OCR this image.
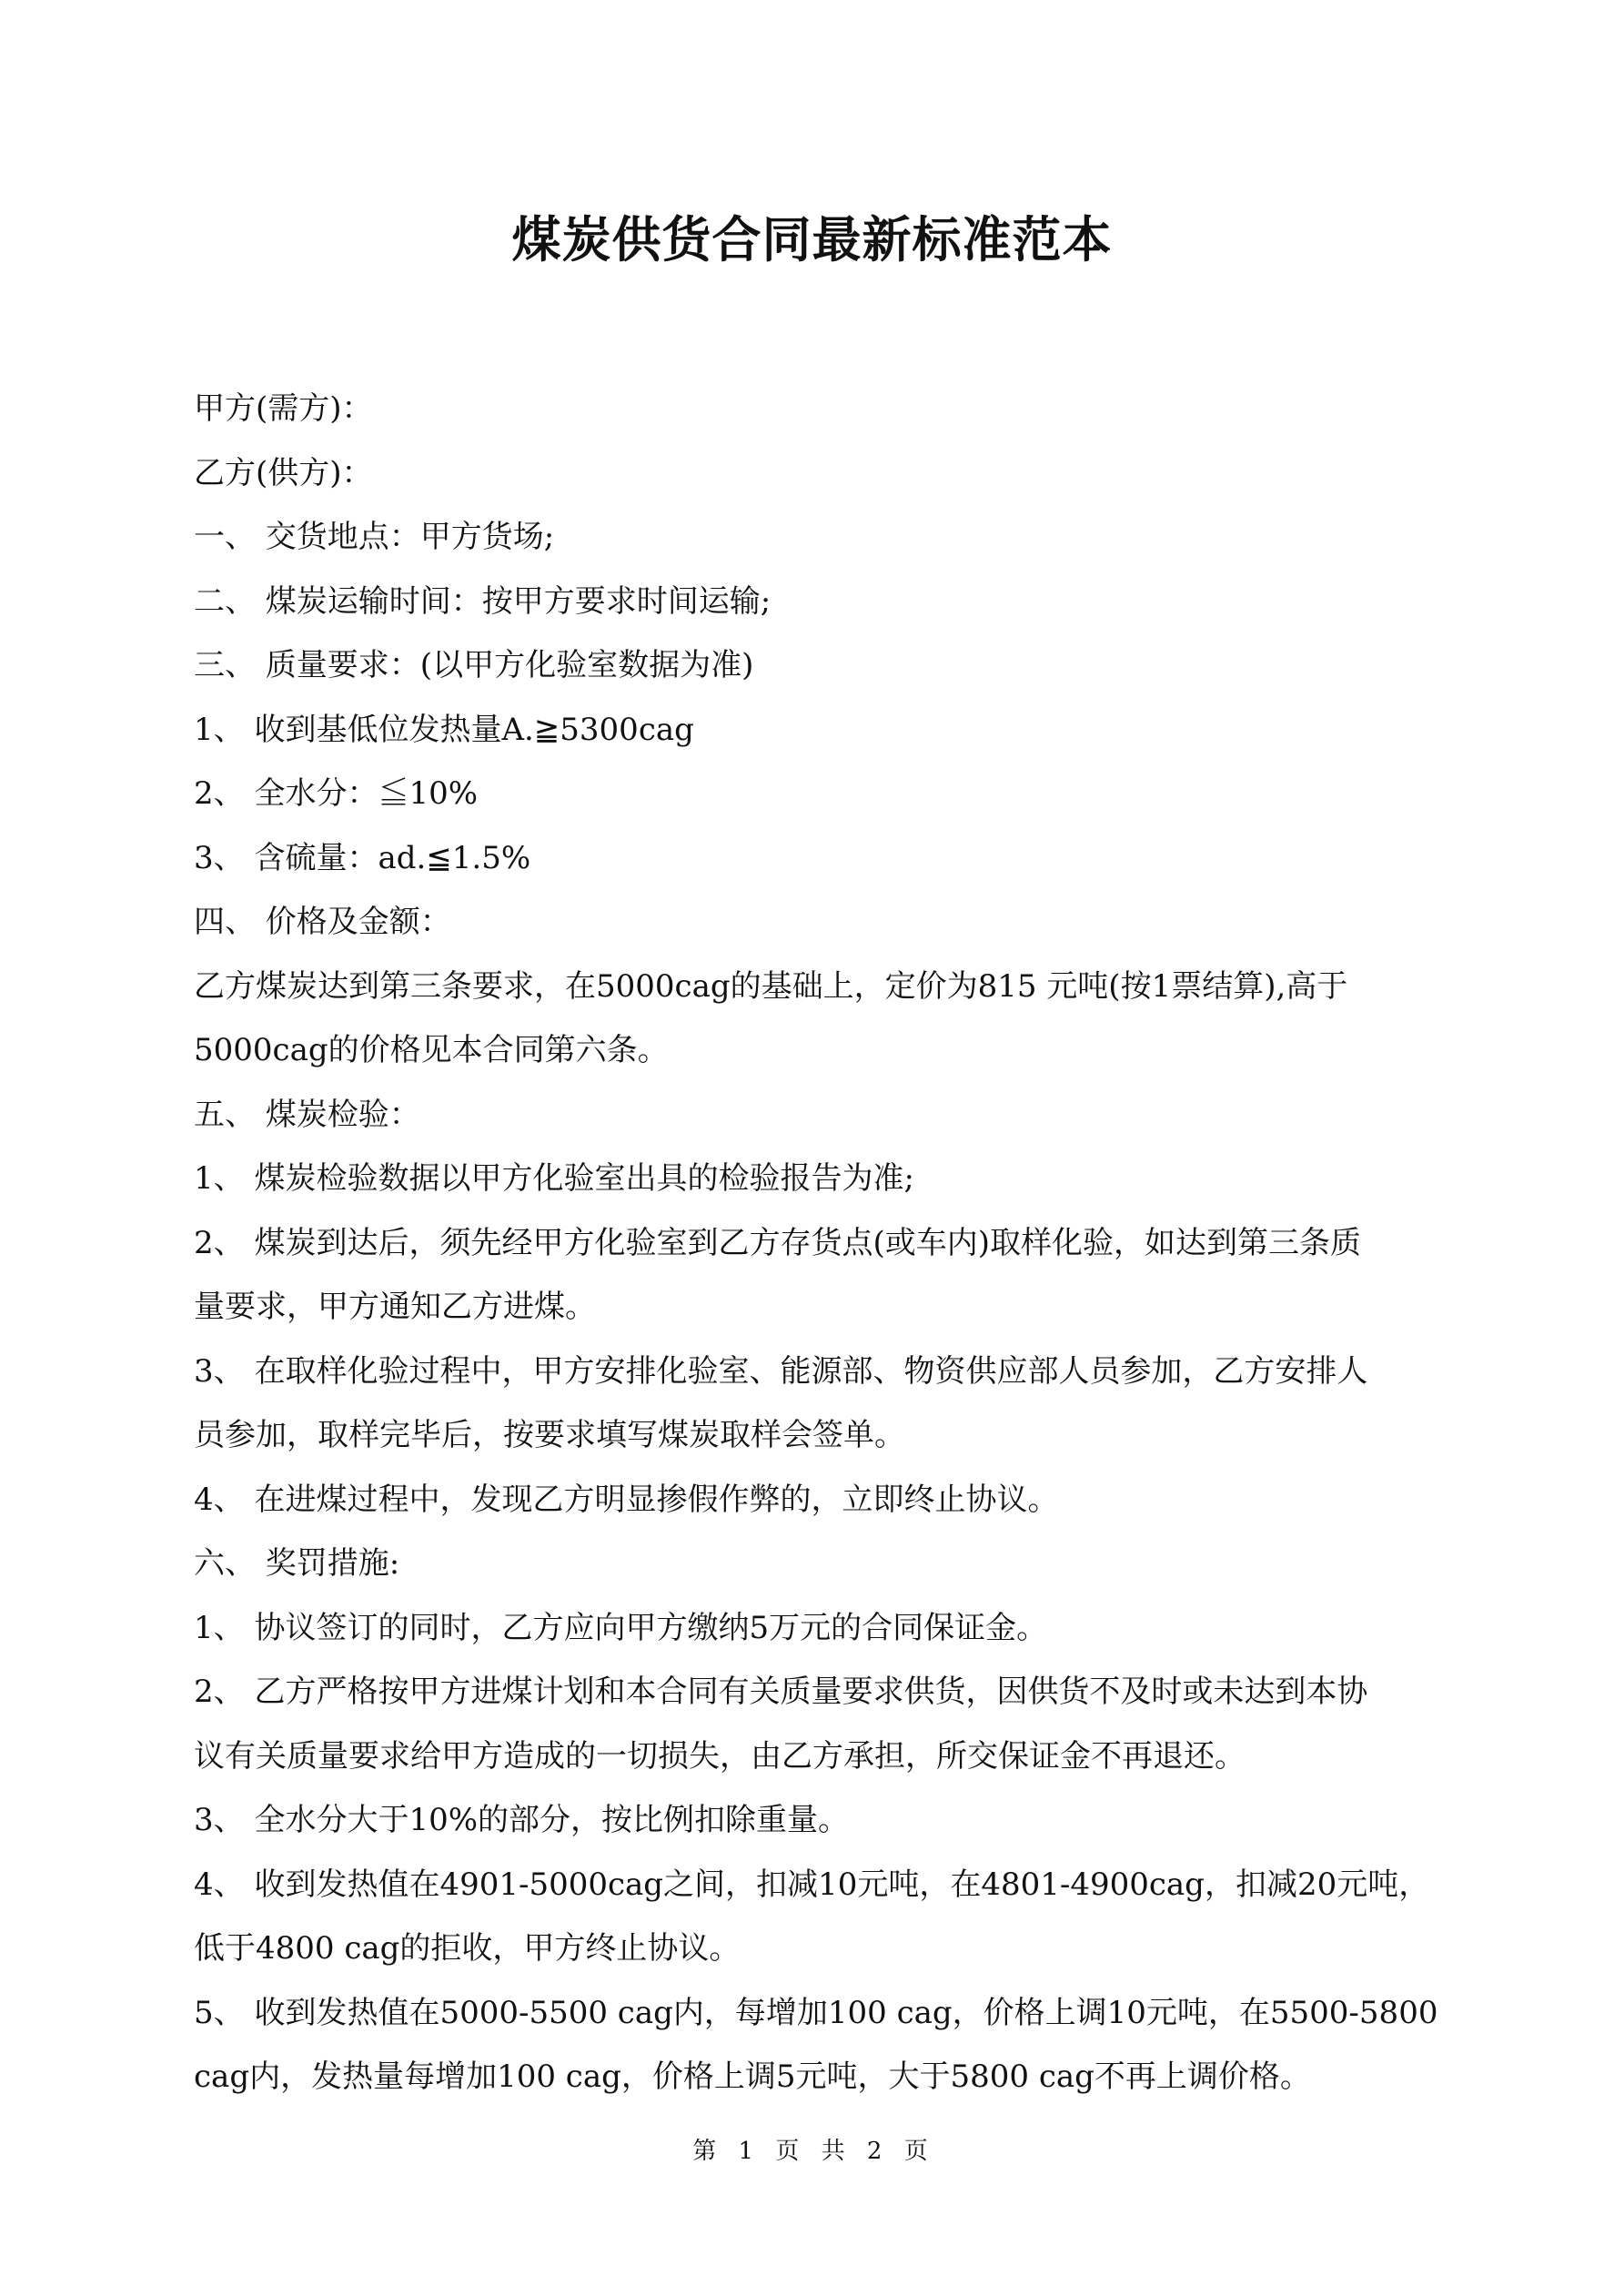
煤炭供货合同最新标准范本

甲方(需方)：

乙方(供方)：

一、 交货地点：甲方货场;

二、 煤炭运输时间：按甲方要求时间运输;

三、 质量要求：(以甲方化验室数据为准)

1、 收到基低位发热量A.≧5300cag

2、 全水分：≦10%

3、 含硫量：ad.≦1.5%

四、 价格及金额：

乙方煤炭达到第三条要求，在5000cag的基础上，定价为815 元吨(按1票结算),高于

5000cag的价格见本合同第六条。

五、 煤炭检验：

1、 煤炭检验数据以甲方化验室出具的检验报告为准;

2、 煤炭到达后，须先经甲方化验室到乙方存货点(或车内)取样化验，如达到第三条质

量要求，甲方通知乙方进煤。

3、 在取样化验过程中，甲方安排化验室、能源部、物资供应部人员参加，乙方安排人

员参加，取样完毕后，按要求填写煤炭取样会签单。

4、 在进煤过程中，发现乙方明显掺假作弊的，立即终止协议。

六、 奖罚措施:

1、 协议签订的同时，乙方应向甲方缴纳5万元的合同保证金。

2、 乙方严格按甲方进煤计划和本合同有关质量要求供货，因供货不及时或未达到本协

议有关质量要求给甲方造成的一切损失，由乙方承担，所交保证金不再退还。

3、 全水分大于10%的部分，按比例扣除重量。

4、 收到发热值在4901-5000cag之间，扣减10元吨，在4801-4900cag，扣减20元吨，

低于4800 cag的拒收，甲方终止协议。

5、 收到发热值在5000-5500 cag内，每增加100 cag，价格上调10元吨，在5500-5800

cag内，发热量每增加100 cag，价格上调5元吨，大于5800 cag不再上调价格。

第 1 页 共 2 页
